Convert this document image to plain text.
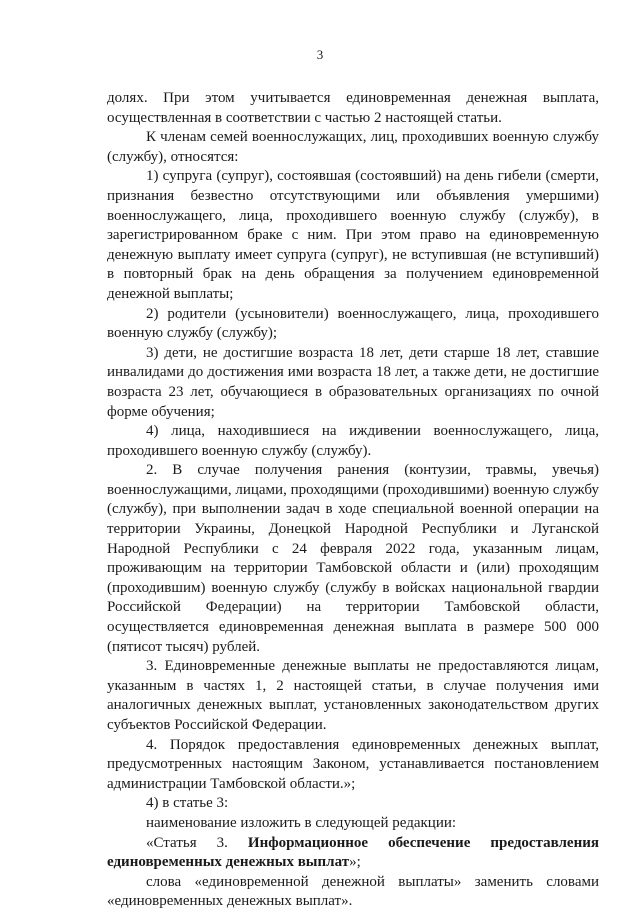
3

долях. При этом учитывается единовременная денежная выплата, осуществленная в соответствии с частью 2 настоящей статьи.

К членам семей военнослужащих, лиц, проходивших военную службу (службу), относятся:

1) супруга (супруг), состоявшая (состоявший) на день гибели (смерти, признания безвестно отсутствующими или объявления умершими) военнослужащего, лица, проходившего военную службу (службу), в зарегистрированном браке с ним. При этом право на единовременную денежную выплату имеет супруга (супруг), не вступившая (не вступивший) в повторный брак на день обращения за получением единовременной денежной выплаты;

2) родители (усыновители) военнослужащего, лица, проходившего военную службу (службу);

3) дети, не достигшие возраста 18 лет, дети старше 18 лет, ставшие инвалидами до достижения ими возраста 18 лет, а также дети, не достигшие возраста 23 лет, обучающиеся в образовательных организациях по очной форме обучения;

4) лица, находившиеся на иждивении военнослужащего, лица, проходившего военную службу (службу).

2. В случае получения ранения (контузии, травмы, увечья) военнослужащими, лицами, проходящими (проходившими) военную службу (службу), при выполнении задач в ходе специальной военной операции на территории Украины, Донецкой Народной Республики и Луганской Народной Республики с 24 февраля 2022 года, указанным лицам, проживающим на территории Тамбовской области и (или) проходящим (проходившим) военную службу (службу в войсках национальной гвардии Российской Федерации) на территории Тамбовской области, осуществляется единовременная денежная выплата в размере 500 000 (пятисот тысяч) рублей.

3. Единовременные денежные выплаты не предоставляются лицам, указанным в частях 1, 2 настоящей статьи, в случае получения ими аналогичных денежных выплат, установленных законодательством других субъектов Российской Федерации.

4. Порядок предоставления единовременных денежных выплат, предусмотренных настоящим Законом, устанавливается постановлением администрации Тамбовской области.»;

4) в статье 3:

наименование изложить в следующей редакции:

«Статья 3. Информационное обеспечение предоставления единовременных денежных выплат»;

слова «единовременной денежной выплаты» заменить словами «единовременных денежных выплат».
